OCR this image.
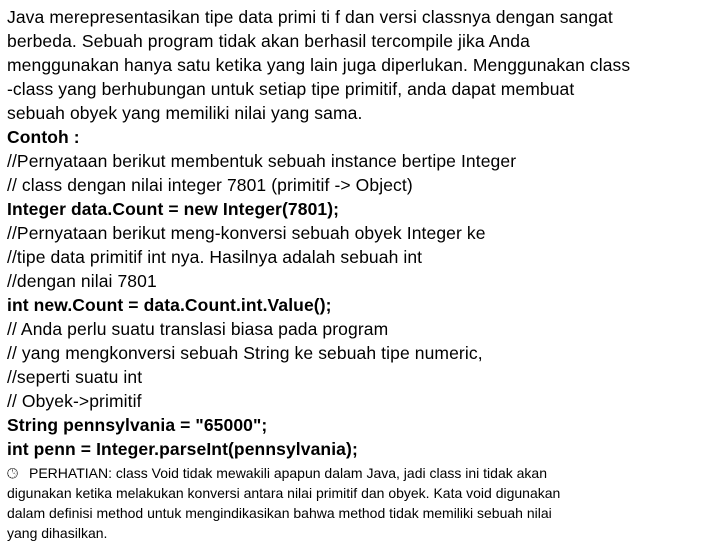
Java merepresentasikan tipe data primi ti f dan versi classnya dengan sangat
berbeda. Sebuah program tidak akan berhasil tercompile jika Anda
menggunakan hanya satu ketika yang lain juga diperlukan. Menggunakan class
-class yang berhubungan untuk setiap tipe primitif, anda dapat membuat
sebuah obyek yang memiliki nilai yang sama.
Contoh :
//Pernyataan berikut membentuk sebuah instance bertipe Integer
// class dengan nilai integer 7801 (primitif -> Object)
Integer data.Count = new Integer(7801);
//Pernyataan berikut meng-konversi sebuah obyek Integer ke
//tipe data primitif int nya. Hasilnya adalah sebuah int
//dengan nilai 7801
int new.Count = data.Count.int.Value();
// Anda perlu suatu translasi biasa pada program
// yang mengkonversi sebuah String ke sebuah tipe numeric,
//seperti suatu int
// Obyek->primitif
String pennsylvania = "65000";
int penn = Integer.parseInt(pennsylvania);
🕒︎ PERHATIAN: class Void tidak mewakili apapun dalam Java, jadi class ini tidak akan
digunakan ketika melakukan konversi antara nilai primitif dan obyek. Kata void digunakan
dalam definisi method untuk mengindikasikan bahwa method tidak memiliki sebuah nilai
yang dihasilkan.
